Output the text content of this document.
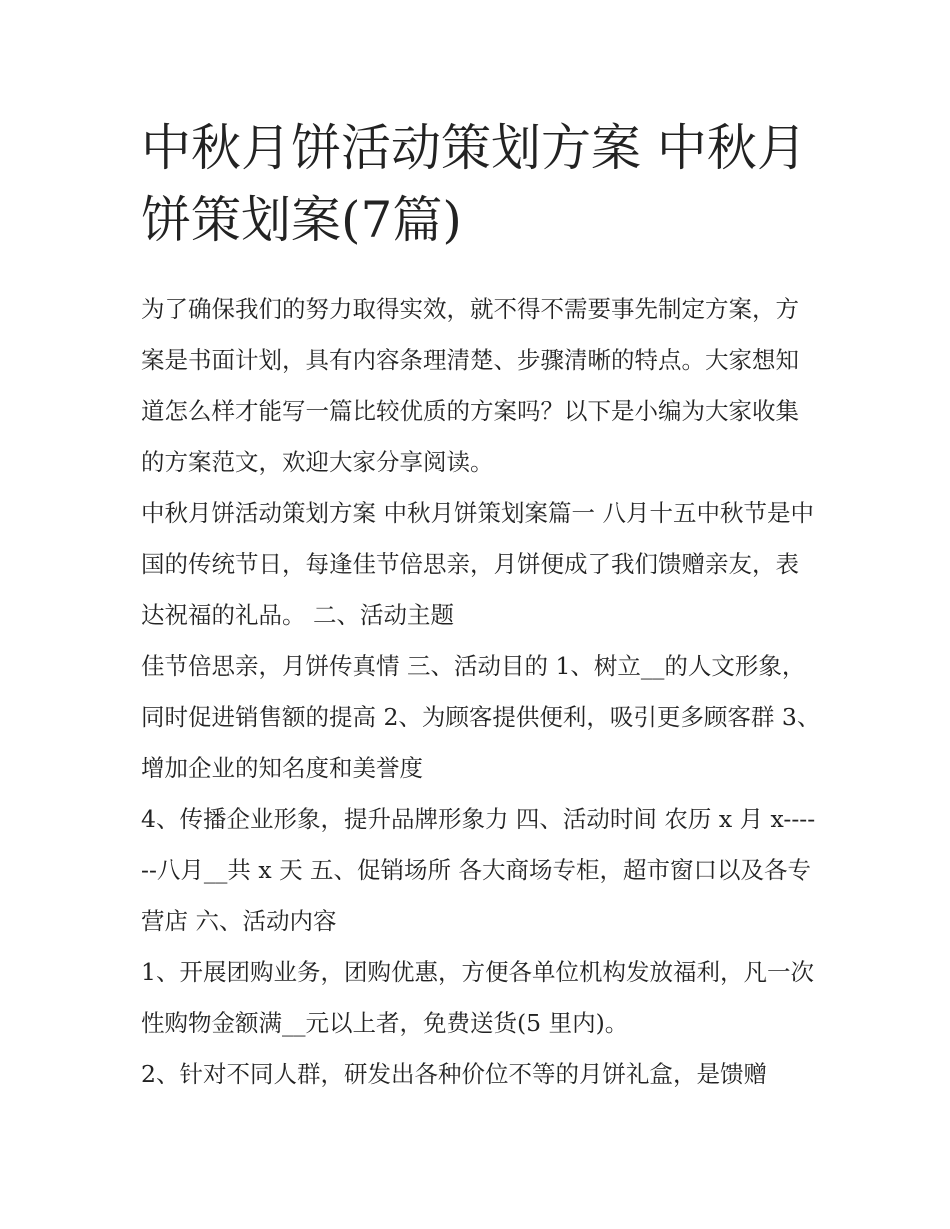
中秋月饼活动策划方案 中秋月饼策划案(7篇)

为了确保我们的努力取得实效，就不得不需要事先制定方案，方案是书面计划，具有内容条理清楚、步骤清晰的特点。大家想知道怎么样才能写一篇比较优质的方案吗？以下是小编为大家收集的方案范文，欢迎大家分享阅读。

中秋月饼活动策划方案 中秋月饼策划案篇一 八月十五中秋节是中国的传统节日，每逢佳节倍思亲，月饼便成了我们馈赠亲友，表达祝福的礼品。 二、活动主题

佳节倍思亲，月饼传真情 三、活动目的 1、树立__的人文形象，同时促进销售额的提高 2、为顾客提供便利，吸引更多顾客群 3、增加企业的知名度和美誉度

4、传播企业形象，提升品牌形象力 四、活动时间 农历 x 月 x------八月__共 x 天 五、促销场所 各大商场专柜，超市窗口以及各专营店 六、活动内容

1、开展团购业务，团购优惠，方便各单位机构发放福利，凡一次性购物金额满__元以上者，免费送货(5 里内)。

2、针对不同人群，研发出各种价位不等的月饼礼盒，是馈赠
